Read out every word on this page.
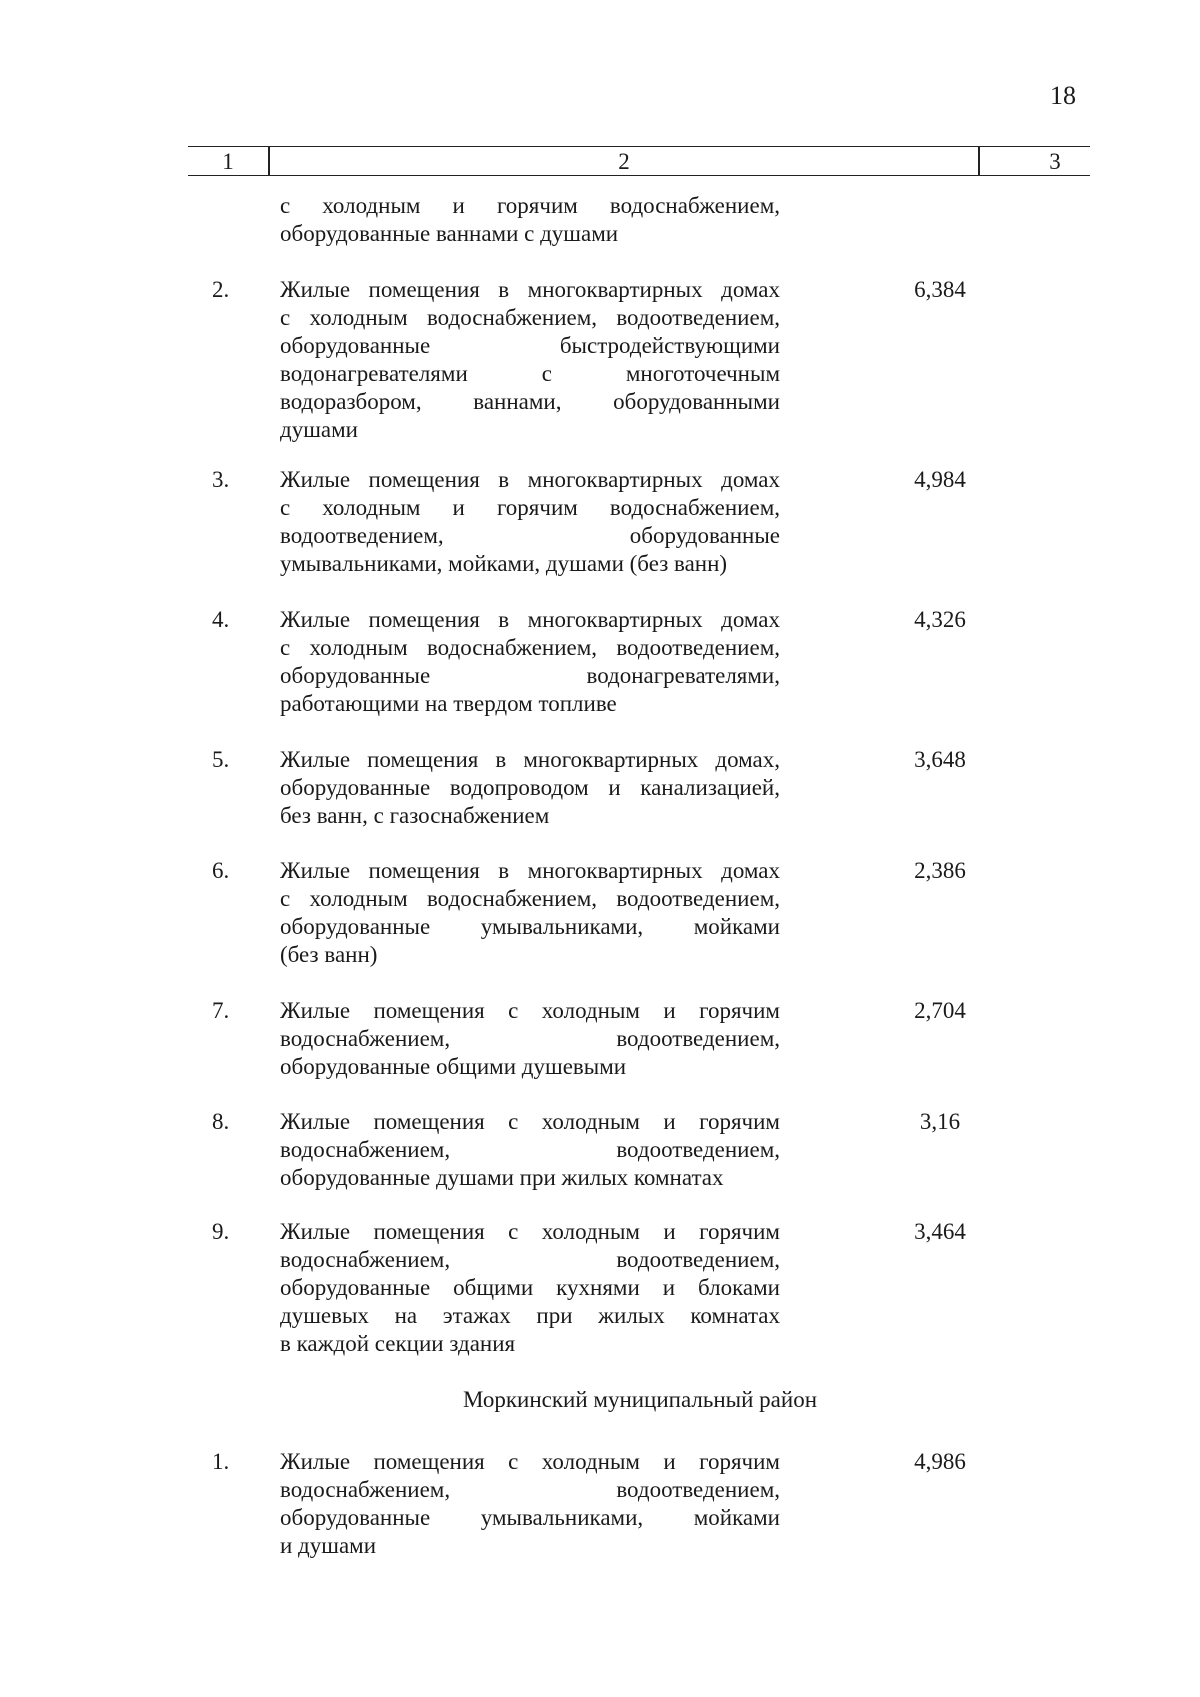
18
1	2	3
с холодным и горячим водоснабжением,
оборудованные ваннами с душами
2. Жилые помещения в многоквартирных домах
с холодным водоснабжением, водоотведением,
оборудованные быстродействующими
водонагревателями с многоточечным
водоразбором, ваннами, оборудованными
душами
6,384
3. Жилые помещения в многоквартирных домах
с холодным и горячим водоснабжением,
водоотведением, оборудованные
умывальниками, мойками, душами (без ванн)
4,984
4. Жилые помещения в многоквартирных домах
с холодным водоснабжением, водоотведением,
оборудованные водонагревателями,
работающими на твердом топливе
4,326
5. Жилые помещения в многоквартирных домах,
оборудованные водопроводом и канализацией,
без ванн, с газоснабжением
3,648
6. Жилые помещения в многоквартирных домах
с холодным водоснабжением, водоотведением,
оборудованные умывальниками, мойками
(без ванн)
2,386
7. Жилые помещения с холодным и горячим
водоснабжением, водоотведением,
оборудованные общими душевыми
2,704
8. Жилые помещения с холодным и горячим
водоснабжением, водоотведением,
оборудованные душами при жилых комнатах
3,16
9. Жилые помещения с холодным и горячим
водоснабжением, водоотведением,
оборудованные общими кухнями и блоками
душевых на этажах при жилых комнатах
в каждой секции здания
3,464
Моркинский муниципальный район
1. Жилые помещения с холодным и горячим
водоснабжением, водоотведением,
оборудованные умывальниками, мойками
и душами
4,986
